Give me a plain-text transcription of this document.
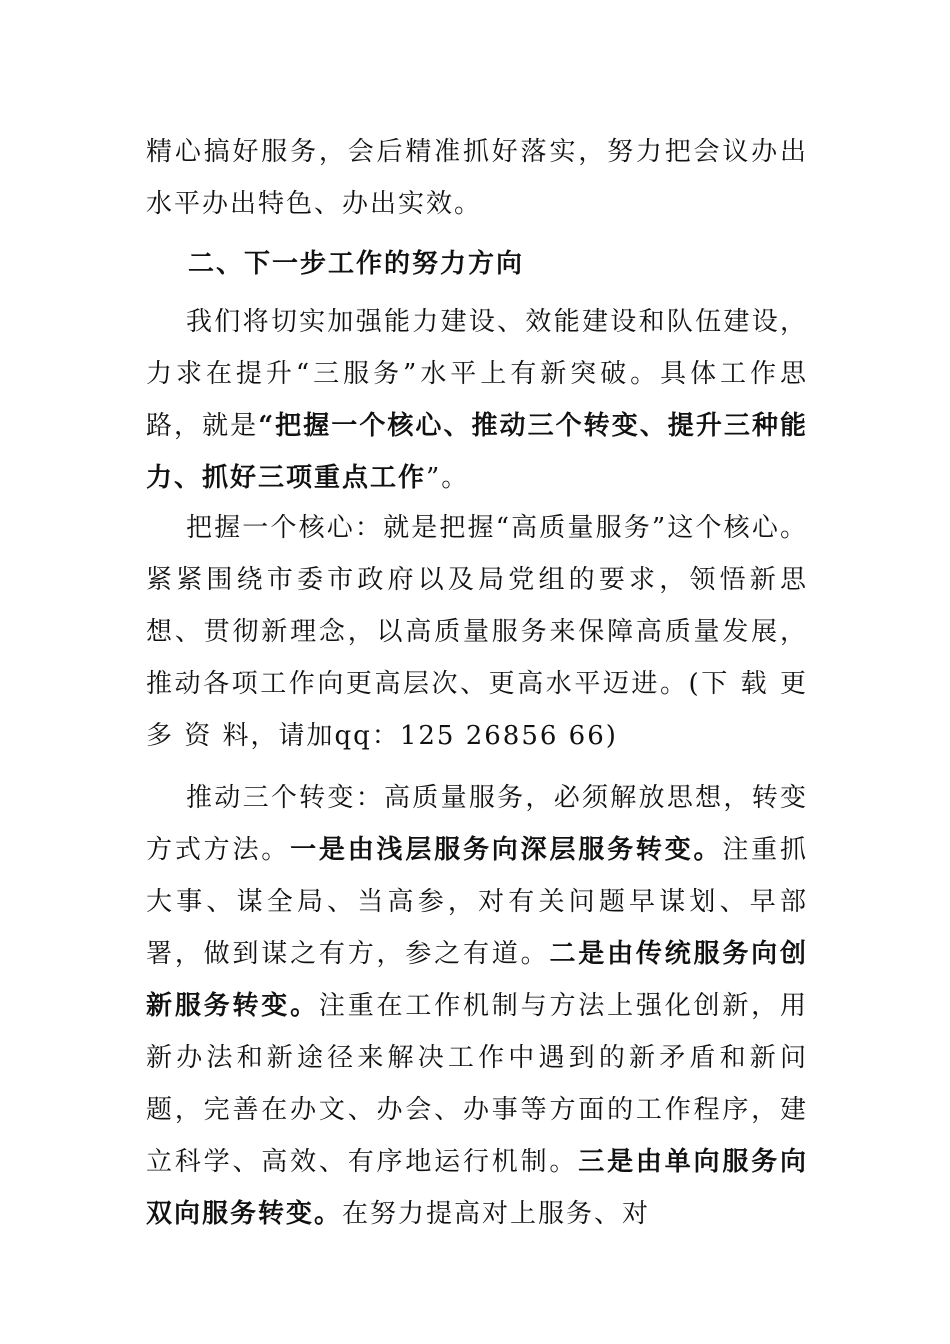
精心搞好服务，会后精准抓好落实，努力把会议办出水平办出特色、办出实效。
二、下一步工作的努力方向
我们将切实加强能力建设、效能建设和队伍建设，力求在提升“三服务”水平上有新突破。具体工作思路，就是“把握一个核心、推动三个转变、提升三种能力、抓好三项重点工作”。
把握一个核心：就是把握“高质量服务”这个核心。紧紧围绕市委市政府以及局党组的要求，领悟新思想、贯彻新理念，以高质量服务来保障高质量发展，推动各项工作向更高层次、更高水平迈进。(下 载 更 多 资 料，请加qq：125 26856 66)
推动三个转变：高质量服务，必须解放思想，转变方式方法。一是由浅层服务向深层服务转变。注重抓大事、谋全局、当高参，对有关问题早谋划、早部署，做到谋之有方，参之有道。二是由传统服务向创新服务转变。注重在工作机制与方法上强化创新，用新办法和新途径来解决工作中遇到的新矛盾和新问题，完善在办文、办会、办事等方面的工作程序，建立科学、高效、有序地运行机制。三是由单向服务向双向服务转变。在努力提高对上服务、对
